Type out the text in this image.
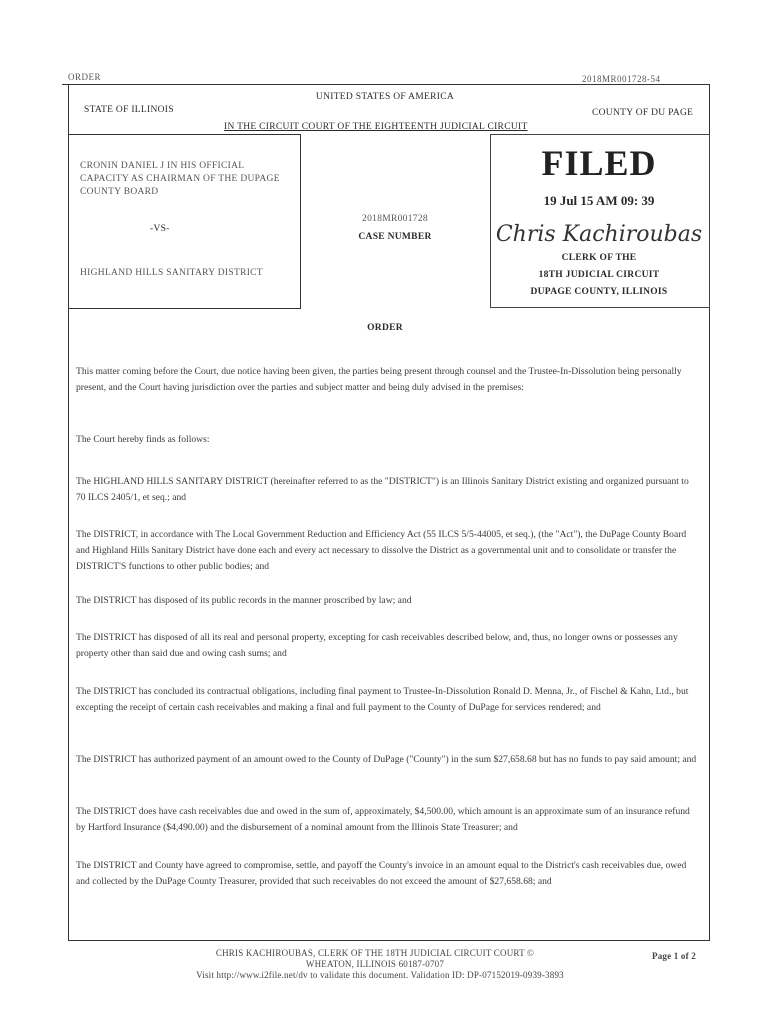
ORDER	2018MR001728-54
UNITED STATES OF AMERICA
STATE OF ILLINOIS	COUNTY OF DU PAGE
IN THE CIRCUIT COURT OF THE EIGHTEENTH JUDICIAL CIRCUIT
CRONIN DANIEL J IN HIS OFFICIAL
CAPACITY AS CHAIRMAN OF THE DUPAGE
COUNTY BOARD
-VS-
HIGHLAND HILLS SANITARY DISTRICT
2018MR001728
CASE NUMBER
FILED
19 Jul 15 AM 09: 39
Chris Kachiroubas
CLERK OF THE
18TH JUDICIAL CIRCUIT
DUPAGE COUNTY, ILLINOIS
ORDER
This matter coming before the Court, due notice having been given, the parties being present through counsel and the Trustee-In-Dissolution being personally present, and the Court having jurisdiction over the parties and subject matter and being duly advised in the premises:
The Court hereby finds as follows:
The HIGHLAND HILLS SANITARY DISTRICT (hereinafter referred to as the "DISTRICT") is an Illinois Sanitary District existing and organized pursuant to 70 ILCS 2405/1, et seq.; and
The DISTRICT, in accordance with The Local Government Reduction and Efficiency Act (55 ILCS 5/5-44005, et seq.), (the "Act"), the DuPage County Board and Highland Hills Sanitary District have done each and every act necessary to dissolve the District as a governmental unit and to consolidate or transfer the DISTRICT'S functions to other public bodies; and
The DISTRICT has disposed of its public records in the manner proscribed by law; and
The DISTRICT has disposed of all its real and personal property, excepting for cash receivables described below, and, thus, no longer owns or possesses any property other than said due and owing cash sums; and
The DISTRICT has concluded its contractual obligations, including final payment to Trustee-In-Dissolution Ronald D. Menna, Jr., of Fischel & Kahn, Ltd., but excepting the receipt of certain cash receivables and making a final and full payment to the County of DuPage for services rendered; and
The DISTRICT has authorized payment of an amount owed to the County of DuPage ("County") in the sum $27,658.68 but has no funds to pay said amount; and
The DISTRICT does have cash receivables due and owed in the sum of, approximately, $4,500.00, which amount is an approximate sum of an insurance refund by Hartford Insurance ($4,490.00) and the disbursement of a nominal amount from the Illinois State Treasurer; and
The DISTRICT and County have agreed to compromise, settle, and payoff the County's invoice in an amount equal to the District's cash receivables due, owed and collected by the DuPage County Treasurer, provided that such receivables do not exceed the amount of $27,658.68; and
CHRIS KACHIROUBAS, CLERK OF THE 18TH JUDICIAL CIRCUIT COURT ©
WHEATON, ILLINOIS 60187-0707
Visit http://www.i2file.net/dv to validate this document. Validation ID: DP-07152019-0939-3893
Page 1 of 2
